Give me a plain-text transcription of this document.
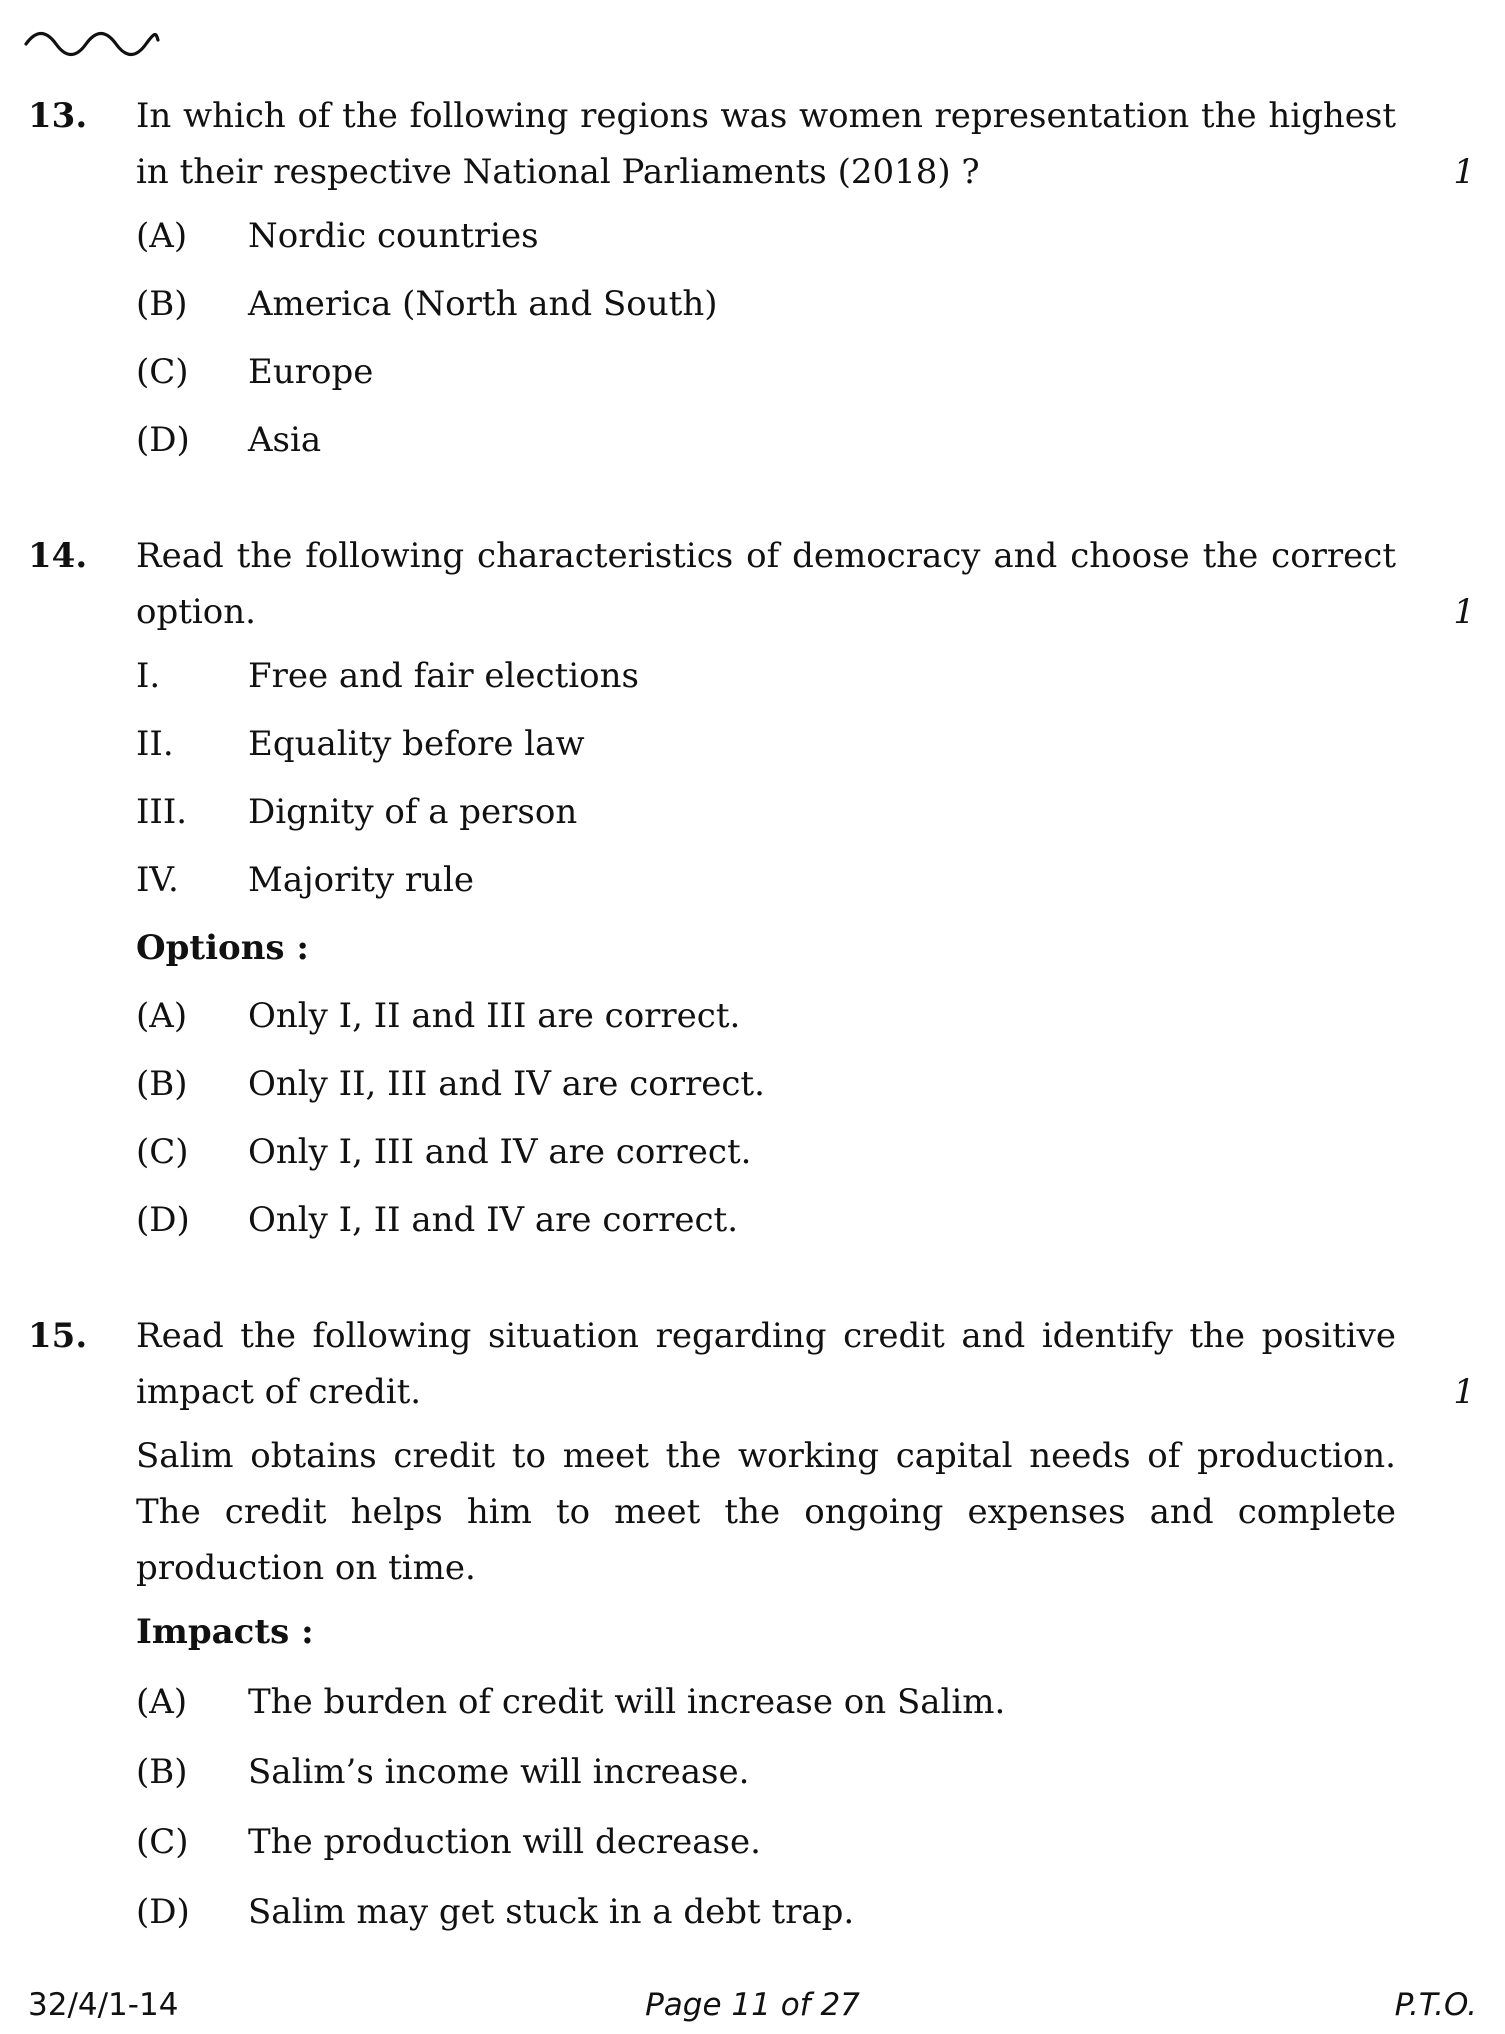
13. In which of the following regions was women representation the highest in their respective National Parliaments (2018) ?	1
(A) Nordic countries
(B) America (North and South)
(C) Europe
(D) Asia
14. Read the following characteristics of democracy and choose the correct option.	1
I.	Free and fair elections
II. Equality before law
III. Dignity of a person
IV. Majority rule
Options :
(A) Only I, II and III are correct.
(B) Only II, III and IV are correct.
(C) Only I, III and IV are correct.
(D) Only I, II and IV are correct.
15. Read the following situation regarding credit and identify the positive impact of credit.	1
Salim obtains credit to meet the working capital needs of production. The credit helps him to meet the ongoing expenses and complete production on time.
Impacts :
(A) The burden of credit will increase on Salim.
(B) Salim’s income will increase.
(C) The production will decrease.
(D) Salim may get stuck in a debt trap.
32/4/1-14	Page 11 of 27	P.T.O.
